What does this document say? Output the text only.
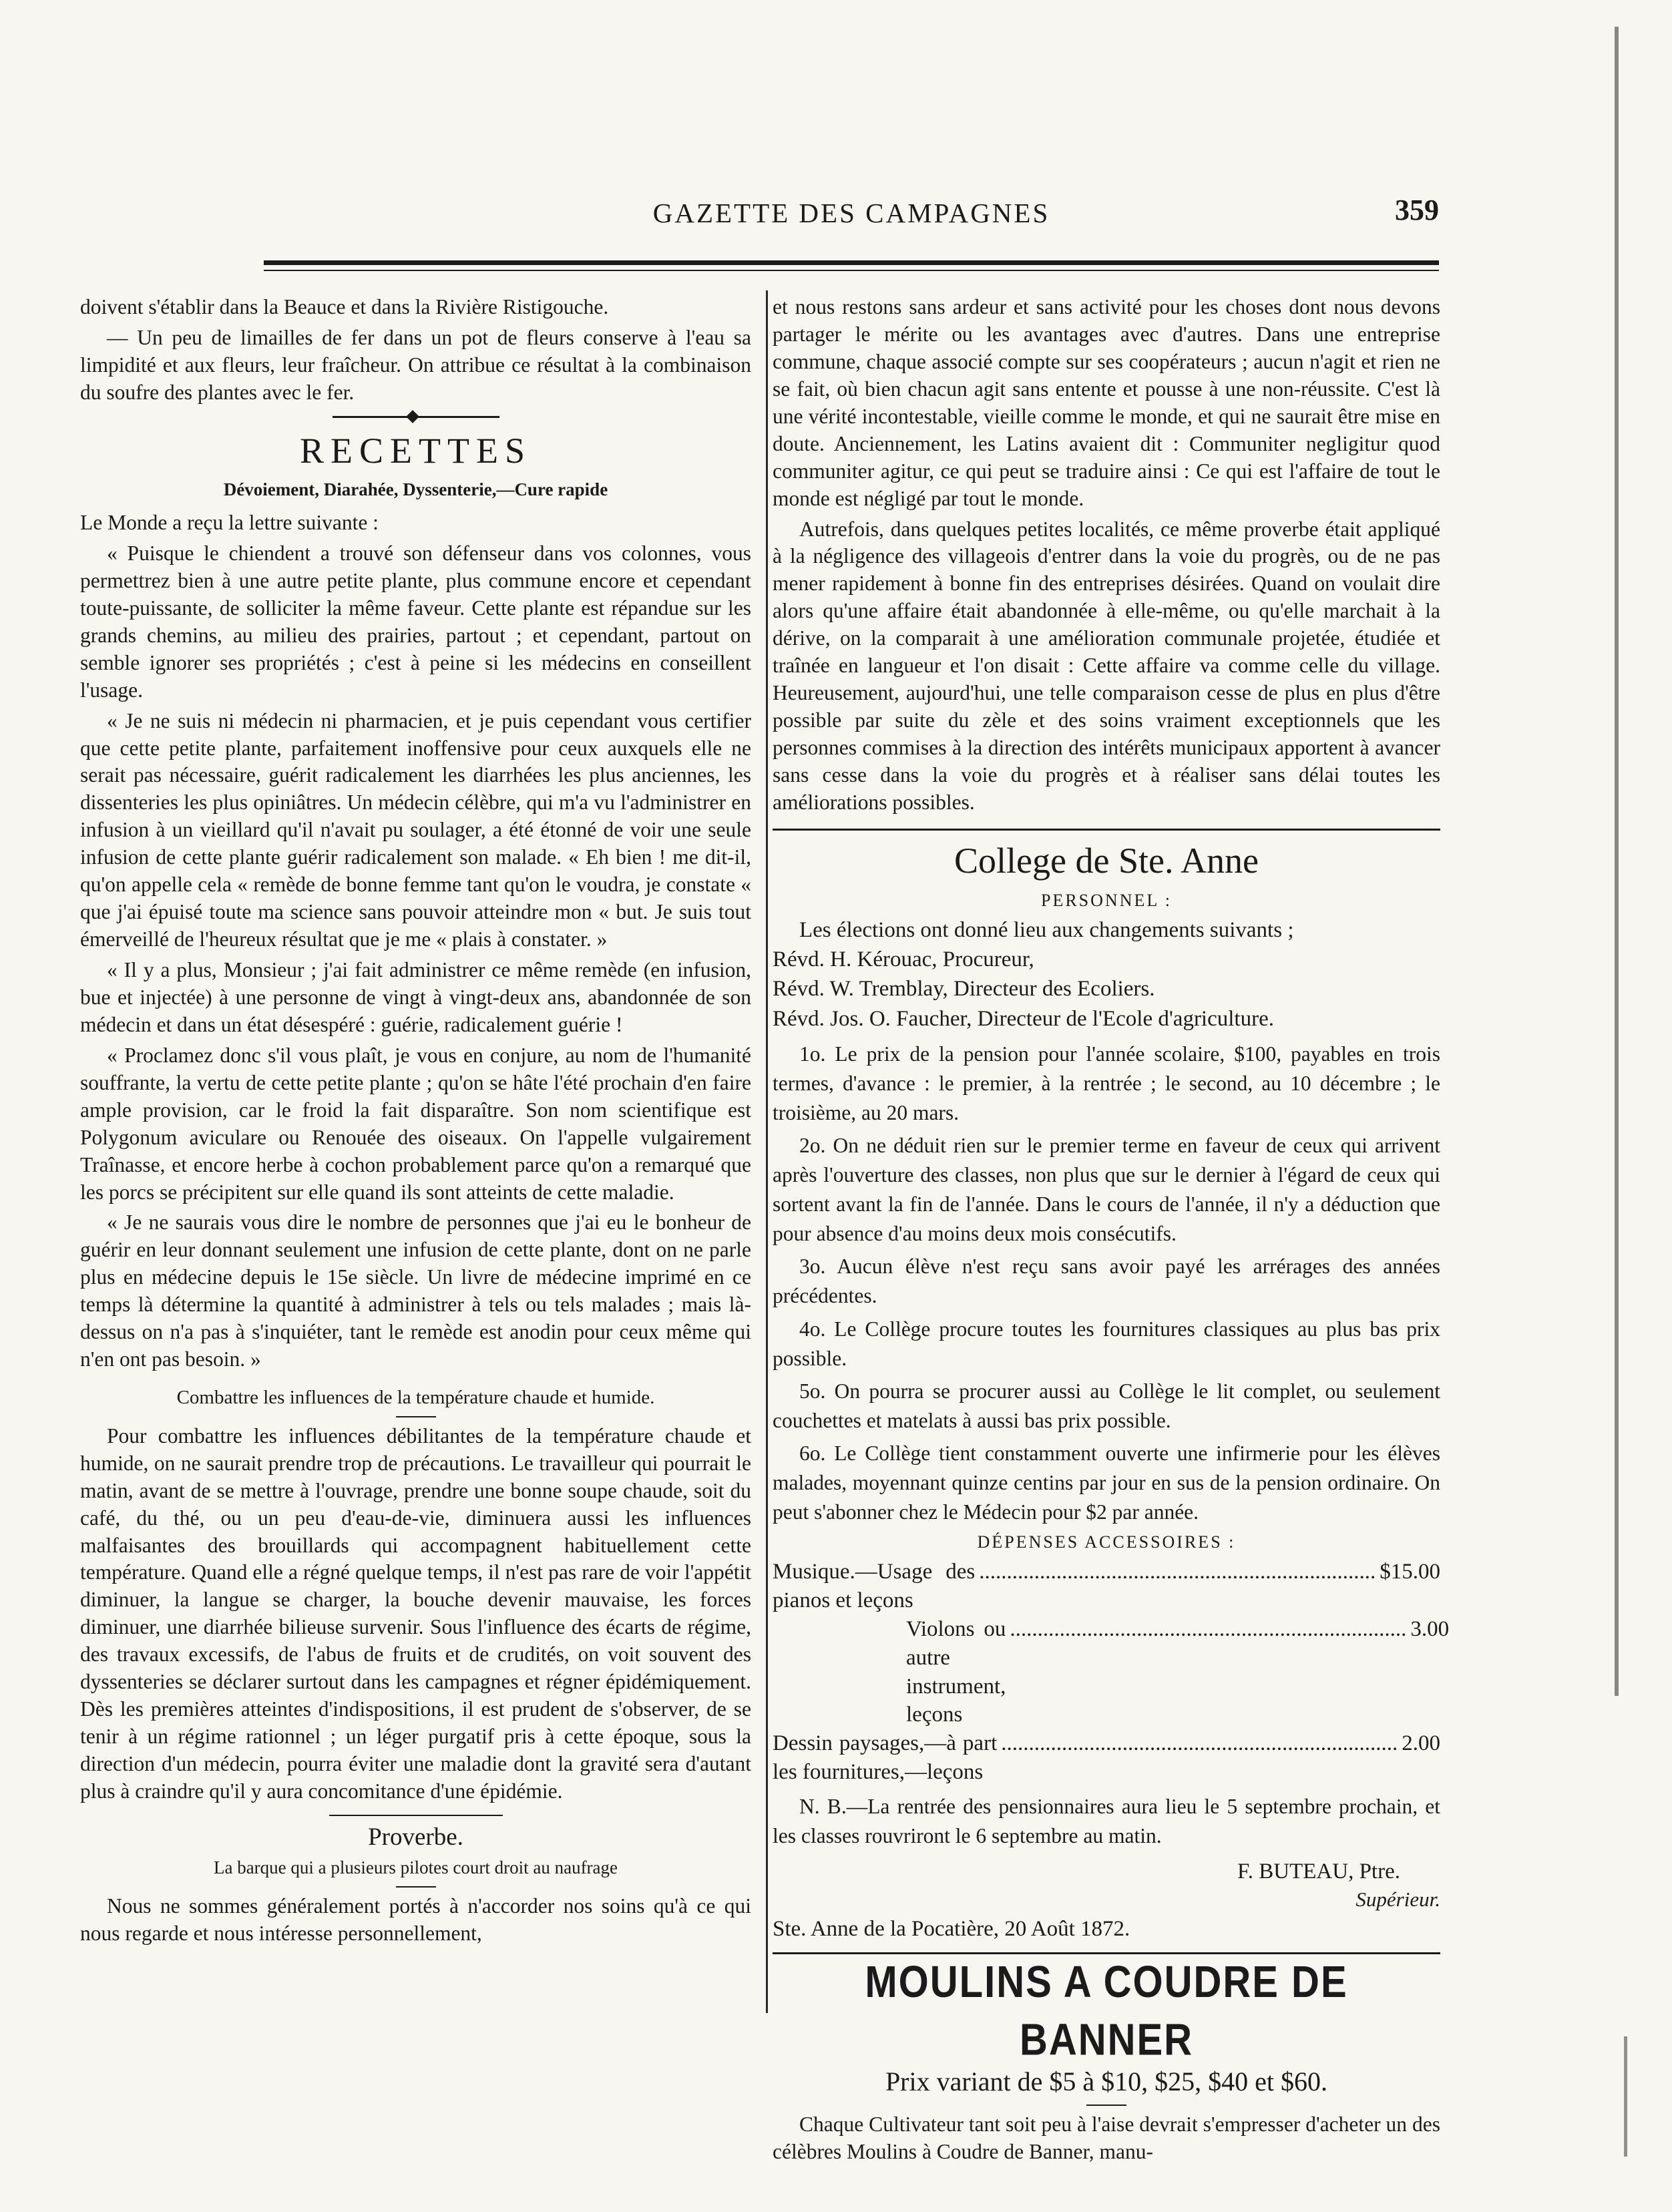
GAZETTE DES CAMPAGNES	359

doivent s'établir dans la Beauce et dans la Rivière Ristigouche.

— Un peu de limailles de fer dans un pot de fleurs conserve à l'eau sa limpidité et aux fleurs, leur fraîcheur. On attribue ce résultat à la combinaison du soufre des plantes avec le fer.

RECETTES
Dévoiement, Diarahée, Dyssenterie,—Cure rapide

Le Monde a reçu la lettre suivante :

« Puisque le chiendent a trouvé son défenseur dans vos colonnes, vous permettrez bien à une autre petite plante, plus commune encore et cependant toute-puissante, de solliciter la même faveur. Cette plante est répandue sur les grands chemins, au milieu des prairies, partout ; et cependant, partout on semble ignorer ses propriétés ; c'est à peine si les médecins en conseillent l'usage.

« Je ne suis ni médecin ni pharmacien, et je puis cependant vous certifier que cette petite plante, parfaitement inoffensive pour ceux auxquels elle ne serait pas nécessaire, guérit radicalement les diarrhées les plus anciennes, les dissenteries les plus opiniâtres. Un médecin célèbre, qui m'a vu l'administrer en infusion à un vieillard qu'il n'avait pu soulager, a été étonné de voir une seule infusion de cette plante guérir radicalement son malade. « Eh bien ! me dit-il, qu'on appelle cela « remède de bonne femme tant qu'on le voudra, je constate « que j'ai épuisé toute ma science sans pouvoir atteindre mon « but. Je suis tout émerveillé de l'heureux résultat que je me « plais à constater. »

« Il y a plus, Monsieur ; j'ai fait administrer ce même remède (en infusion, bue et injectée) à une personne de vingt à vingt-deux ans, abandonnée de son médecin et dans un état désespéré : guérie, radicalement guérie !

« Proclamez donc s'il vous plaît, je vous en conjure, au nom de l'humanité souffrante, la vertu de cette petite plante ; qu'on se hâte l'été prochain d'en faire ample provision, car le froid la fait disparaître. Son nom scientifique est Polygonum aviculare ou Renouée des oiseaux. On l'appelle vulgairement Traînasse, et encore herbe à cochon probablement parce qu'on a remarqué que les porcs se précipitent sur elle quand ils sont atteints de cette maladie.

« Je ne saurais vous dire le nombre de personnes que j'ai eu le bonheur de guérir en leur donnant seulement une infusion de cette plante, dont on ne parle plus en médecine depuis le 15e siècle. Un livre de médecine imprimé en ce temps là détermine la quantité à administrer à tels ou tels malades ; mais là-dessus on n'a pas à s'inquiéter, tant le remède est anodin pour ceux même qui n'en ont pas besoin. »

Combattre les influences de la température chaude et humide.

Pour combattre les influences débilitantes de la température chaude et humide, on ne saurait prendre trop de précautions. Le travailleur qui pourrait le matin, avant de se mettre à l'ouvrage, prendre une bonne soupe chaude, soit du café, du thé, ou un peu d'eau-de-vie, diminuera aussi les influences malfaisantes des brouillards qui accompagnent habituellement cette température. Quand elle a régné quelque temps, il n'est pas rare de voir l'appétit diminuer, la langue se charger, la bouche devenir mauvaise, les forces diminuer, une diarrhée bilieuse survenir. Sous l'influence des écarts de régime, des travaux excessifs, de l'abus de fruits et de crudités, on voit souvent des dyssenteries se déclarer surtout dans les campagnes et régner épidémiquement. Dès les premières atteintes d'indispositions, il est prudent de s'observer, de se tenir à un régime rationnel ; un léger purgatif pris à cette époque, sous la direction d'un médecin, pourra éviter une maladie dont la gravité sera d'autant plus à craindre qu'il y aura concomitance d'une épidémie.

Proverbe.
La barque qui a plusieurs pilotes court droit au naufrage

Nous ne sommes généralement portés à n'accorder nos soins qu'à ce qui nous regarde et nous intéresse personnellement,

et nous restons sans ardeur et sans activité pour les choses dont nous devons partager le mérite ou les avantages avec d'autres. Dans une entreprise commune, chaque associé compte sur ses coopérateurs ; aucun n'agit et rien ne se fait, où bien chacun agit sans entente et pousse à une non-réussite. C'est là une vérité incontestable, vieille comme le monde, et qui ne saurait être mise en doute. Anciennement, les Latins avaient dit : Communiter negligitur quod communiter agitur, ce qui peut se traduire ainsi : Ce qui est l'affaire de tout le monde est négligé par tout le monde.

Autrefois, dans quelques petites localités, ce même proverbe était appliqué à la négligence des villageois d'entrer dans la voie du progrès, ou de ne pas mener rapidement à bonne fin des entreprises désirées. Quand on voulait dire alors qu'une affaire était abandonnée à elle-même, ou qu'elle marchait à la dérive, on la comparait à une amélioration communale projetée, étudiée et traînée en langueur et l'on disait : Cette affaire va comme celle du village. Heureusement, aujourd'hui, une telle comparaison cesse de plus en plus d'être possible par suite du zèle et des soins vraiment exceptionnels que les personnes commises à la direction des intérêts municipaux apportent à avancer sans cesse dans la voie du progrès et à réaliser sans délai toutes les améliorations possibles.

College de Ste. Anne
PERSONNEL :

Les élections ont donné lieu aux changements suivants ;

Révd. H. Kérouac, Procureur,

Révd. W. Tremblay, Directeur des Ecoliers.

Révd. Jos. O. Faucher, Directeur de l'Ecole d'agriculture.

1o. Le prix de la pension pour l'année scolaire, $100, payables en trois termes, d'avance : le premier, à la rentrée ; le second, au 10 décembre ; le troisième, au 20 mars.

2o. On ne déduit rien sur le premier terme en faveur de ceux qui arrivent après l'ouverture des classes, non plus que sur le dernier à l'égard de ceux qui sortent avant la fin de l'année. Dans le cours de l'année, il n'y a déduction que pour absence d'au moins deux mois consécutifs.

3o. Aucun élève n'est reçu sans avoir payé les arrérages des années précédentes.

4o. Le Collège procure toutes les fournitures classiques au plus bas prix possible.

5o. On pourra se procurer aussi au Collège le lit complet, ou seulement couchettes et matelats à aussi bas prix possible.

6o. Le Collège tient constamment ouverte une infirmerie pour les élèves malades, moyennant quinze centins par jour en sus de la pension ordinaire. On peut s'abonner chez le Médecin pour $2 par année.

DÉPENSES ACCESSOIRES :
Musique.—Usage des pianos et leçons
........................................................................ $15.00
Violons ou autre instrument, leçons
........................................................................ 3.00
Dessin paysages,—à part les fournitures,—leçons
........................................................................ 2.00

N. B.—La rentrée des pensionnaires aura lieu le 5 septembre prochain, et les classes rouvriront le 6 septembre au matin.

F. BUTEAU, Ptre.
Supérieur.
Ste. Anne de la Pocatière, 20 Août 1872.
MOULINS A COUDRE DE BANNER
Prix variant de $5 à $10, $25, $40 et $60.

Chaque Cultivateur tant soit peu à l'aise devrait s'empresser d'acheter un des célèbres Moulins à Coudre de Banner, manu-
